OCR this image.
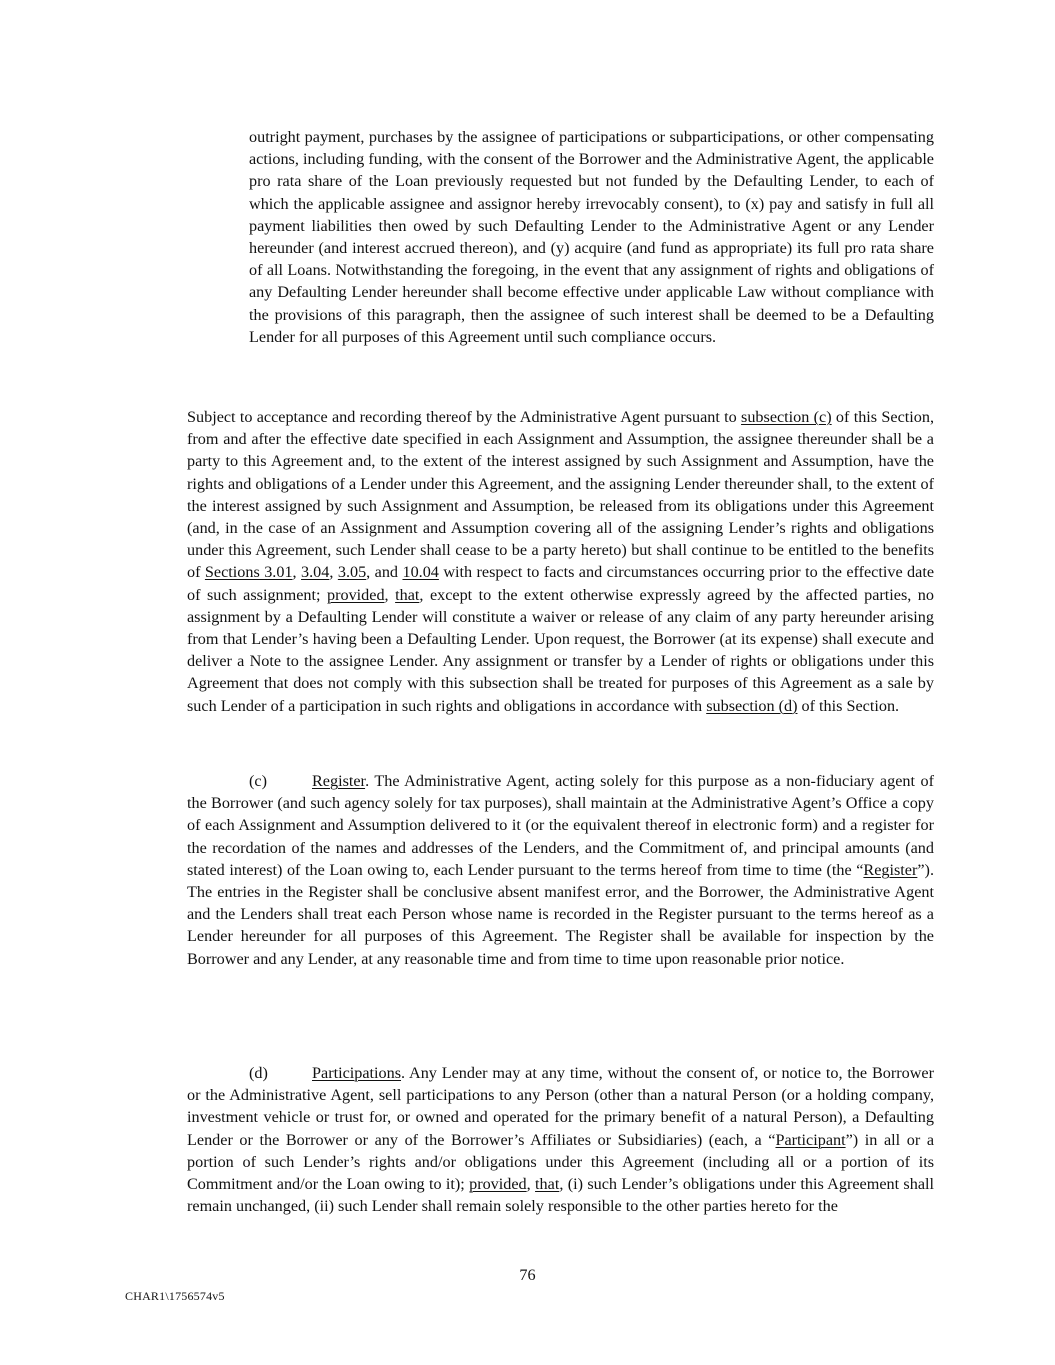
outright payment, purchases by the assignee of participations or subparticipations, or other compensating actions, including funding, with the consent of the Borrower and the Administrative Agent, the applicable pro rata share of the Loan previously requested but not funded by the Defaulting Lender, to each of which the applicable assignee and assignor hereby irrevocably consent), to (x) pay and satisfy in full all payment liabilities then owed by such Defaulting Lender to the Administrative Agent or any Lender hereunder (and interest accrued thereon), and (y) acquire (and fund as appropriate) its full pro rata share of all Loans. Notwithstanding the foregoing, in the event that any assignment of rights and obligations of any Defaulting Lender hereunder shall become effective under applicable Law without compliance with the provisions of this paragraph, then the assignee of such interest shall be deemed to be a Defaulting Lender for all purposes of this Agreement until such compliance occurs.

Subject to acceptance and recording thereof by the Administrative Agent pursuant to subsection (c) of this Section, from and after the effective date specified in each Assignment and Assumption, the assignee thereunder shall be a party to this Agreement and, to the extent of the interest assigned by such Assignment and Assumption, have the rights and obligations of a Lender under this Agreement, and the assigning Lender thereunder shall, to the extent of the interest assigned by such Assignment and Assumption, be released from its obligations under this Agreement (and, in the case of an Assignment and Assumption covering all of the assigning Lender’s rights and obligations under this Agreement, such Lender shall cease to be a party hereto) but shall continue to be entitled to the benefits of Sections 3.01, 3.04, 3.05, and 10.04 with respect to facts and circumstances occurring prior to the effective date of such assignment; provided, that, except to the extent otherwise expressly agreed by the affected parties, no assignment by a Defaulting Lender will constitute a waiver or release of any claim of any party hereunder arising from that Lender’s having been a Defaulting Lender. Upon request, the Borrower (at its expense) shall execute and deliver a Note to the assignee Lender. Any assignment or transfer by a Lender of rights or obligations under this Agreement that does not comply with this subsection shall be treated for purposes of this Agreement as a sale by such Lender of a participation in such rights and obligations in accordance with subsection (d) of this Section.

(c)	Register. The Administrative Agent, acting solely for this purpose as a non-fiduciary agent of the Borrower (and such agency solely for tax purposes), shall maintain at the Administrative Agent’s Office a copy of each Assignment and Assumption delivered to it (or the equivalent thereof in electronic form) and a register for the recordation of the names and addresses of the Lenders, and the Commitment of, and principal amounts (and stated interest) of the Loan owing to, each Lender pursuant to the terms hereof from time to time (the “Register”). The entries in the Register shall be conclusive absent manifest error, and the Borrower, the Administrative Agent and the Lenders shall treat each Person whose name is recorded in the Register pursuant to the terms hereof as a Lender hereunder for all purposes of this Agreement. The Register shall be available for inspection by the Borrower and any Lender, at any reasonable time and from time to time upon reasonable prior notice.

(d)	Participations. Any Lender may at any time, without the consent of, or notice to, the Borrower or the Administrative Agent, sell participations to any Person (other than a natural Person (or a holding company, investment vehicle or trust for, or owned and operated for the primary benefit of a natural Person), a Defaulting Lender or the Borrower or any of the Borrower’s Affiliates or Subsidiaries) (each, a “Participant”) in all or a portion of such Lender’s rights and/or obligations under this Agreement (including all or a portion of its Commitment and/or the Loan owing to it); provided, that, (i) such Lender’s obligations under this Agreement shall remain unchanged, (ii) such Lender shall remain solely responsible to the other parties hereto for the

76
CHAR1\1756574v5
